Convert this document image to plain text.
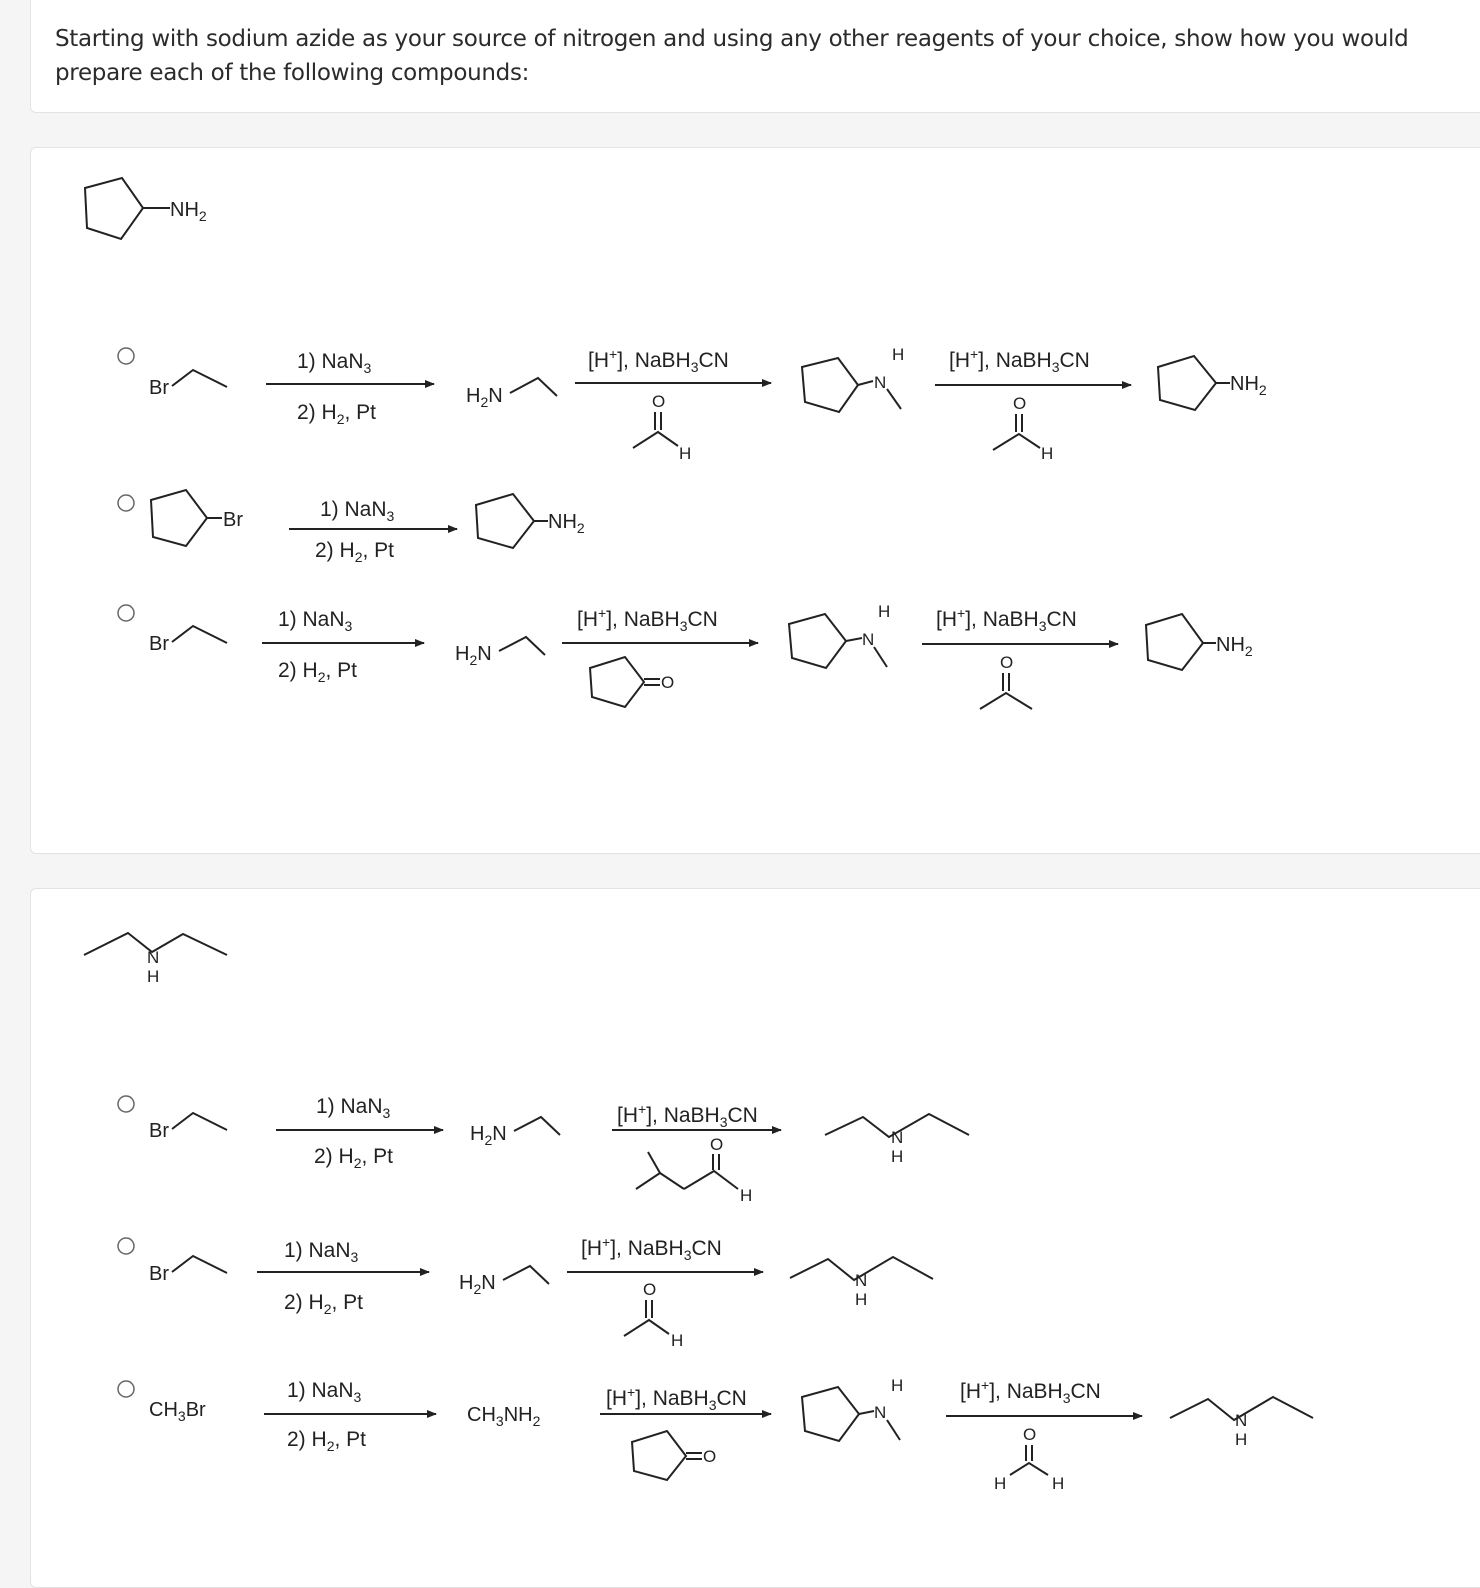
Starting with sodium azide as your source of nitrogen and using any other reagents of your choice, show how you would prepare each of the following compounds:

$NH_2$
Br
1) NaN$_3$
2) $H_2$, Pt
$H_2N$
[H+], NaBH$_3$CN
O
H
N
H [H+], NaBH$_3$CN
O
H
$NH_2$
Br	1) NaN$_3$
2) $H_2$, Pt
$NH_2$
Br
1) NaN$_3$
2) $H_2$, Pt
$H_2N$
[H+], NaBH$_3$CN
O
N
H [H+], NaBH$_3$CN
O
$NH_2$
N
H
Br
1) NaN$_3$
2) $H_2$, Pt
$H_2N$
[H+], NaBH$_3$CN
O
H
N
H
Br
1) NaN$_3$
2) $H_2$, Pt
$H_2N$
[H+], NaBH$_3$CN
O
H
N
H
$CH_3Br$
1) NaN$_3$
2) $H_2$, Pt
$CH_3NH_2$
[H+], NaBH$_3$CN
O
N
H	[H+], NaBH$_3$CN
O
H	H
N
H
